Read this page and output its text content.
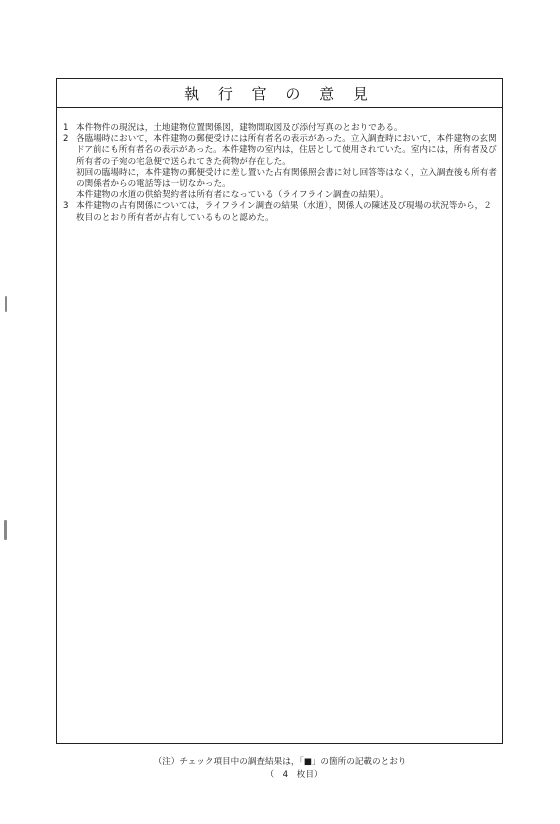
執 行 官 の 意 見
1 本件物件の現況は，土地建物位置関係図，建物間取図及び添付写真のとおりである。
2 各臨場時において，本件建物の郵便受けには所有者名の表示があった。立入調査時において，本件建物の玄関ドア前にも所有者名の表示があった。本件建物の室内は，住居として使用されていた。室内には，所有者及び所有者の子宛の宅急便で送られてきた荷物が存在した。
初回の臨場時に，本件建物の郵便受けに差し置いた占有関係照会書に対し回答等はなく，立入調査後も所有者の関係者からの電話等は一切なかった。
本件建物の水道の供給契約者は所有者になっている（ライフライン調査の結果）。
3 本件建物の占有関係については，ライフライン調査の結果（水道），関係人の陳述及び現場の状況等から，２枚目のとおり所有者が占有しているものと認めた。
（注）チェック項目中の調査結果は，「■」の箇所の記載のとおり
（　4　枚目）
